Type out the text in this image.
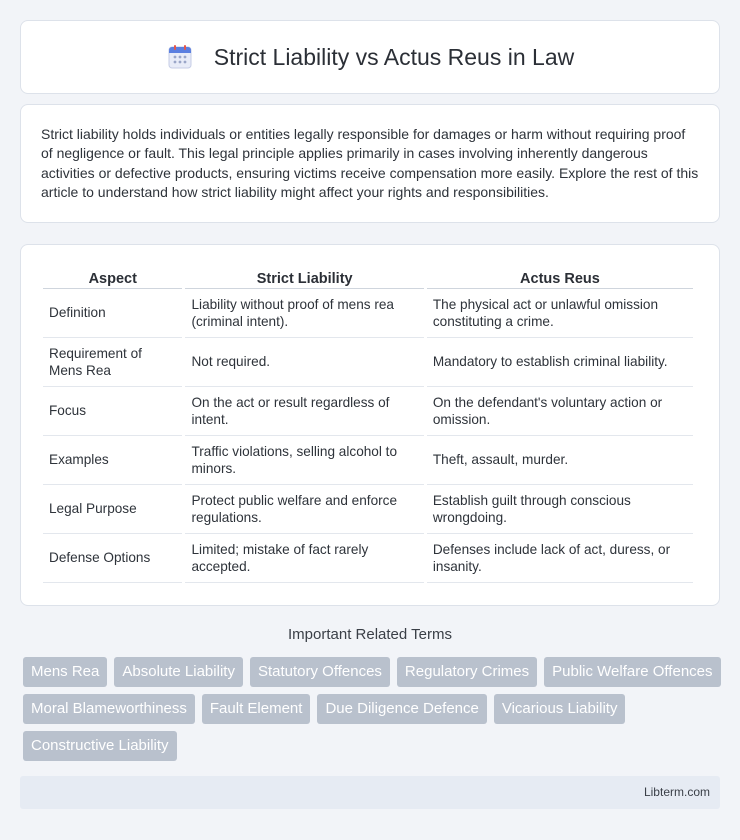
Strict Liability vs Actus Reus in Law

Strict liability holds individuals or entities legally responsible for damages or harm without requiring proof of negligence or fault. This legal principle applies primarily in cases involving inherently dangerous activities or defective products, ensuring victims receive compensation more easily. Explore the rest of this article to understand how strict liability might affect your rights and responsibilities.

Aspect	Strict Liability	Actus Reus
Definition	Liability without proof of mens rea (criminal intent).	The physical act or unlawful omission constituting a crime.
Requirement of Mens Rea	Not required.	Mandatory to establish criminal liability.
Focus	On the act or result regardless of intent.	On the defendant's voluntary action or omission.
Examples	Traffic violations, selling alcohol to minors.	Theft, assault, murder.
Legal Purpose	Protect public welfare and enforce regulations.	Establish guilt through conscious wrongdoing.
Defense Options	Limited; mistake of fact rarely accepted.	Defenses include lack of act, duress, or insanity.
Important Related Terms
Mens Rea	Absolute Liability	Statutory Offences	Regulatory Crimes	Public Welfare Offences
Moral Blameworthiness	Fault Element	Due Diligence Defence	Vicarious Liability
Constructive Liability
Libterm.com
